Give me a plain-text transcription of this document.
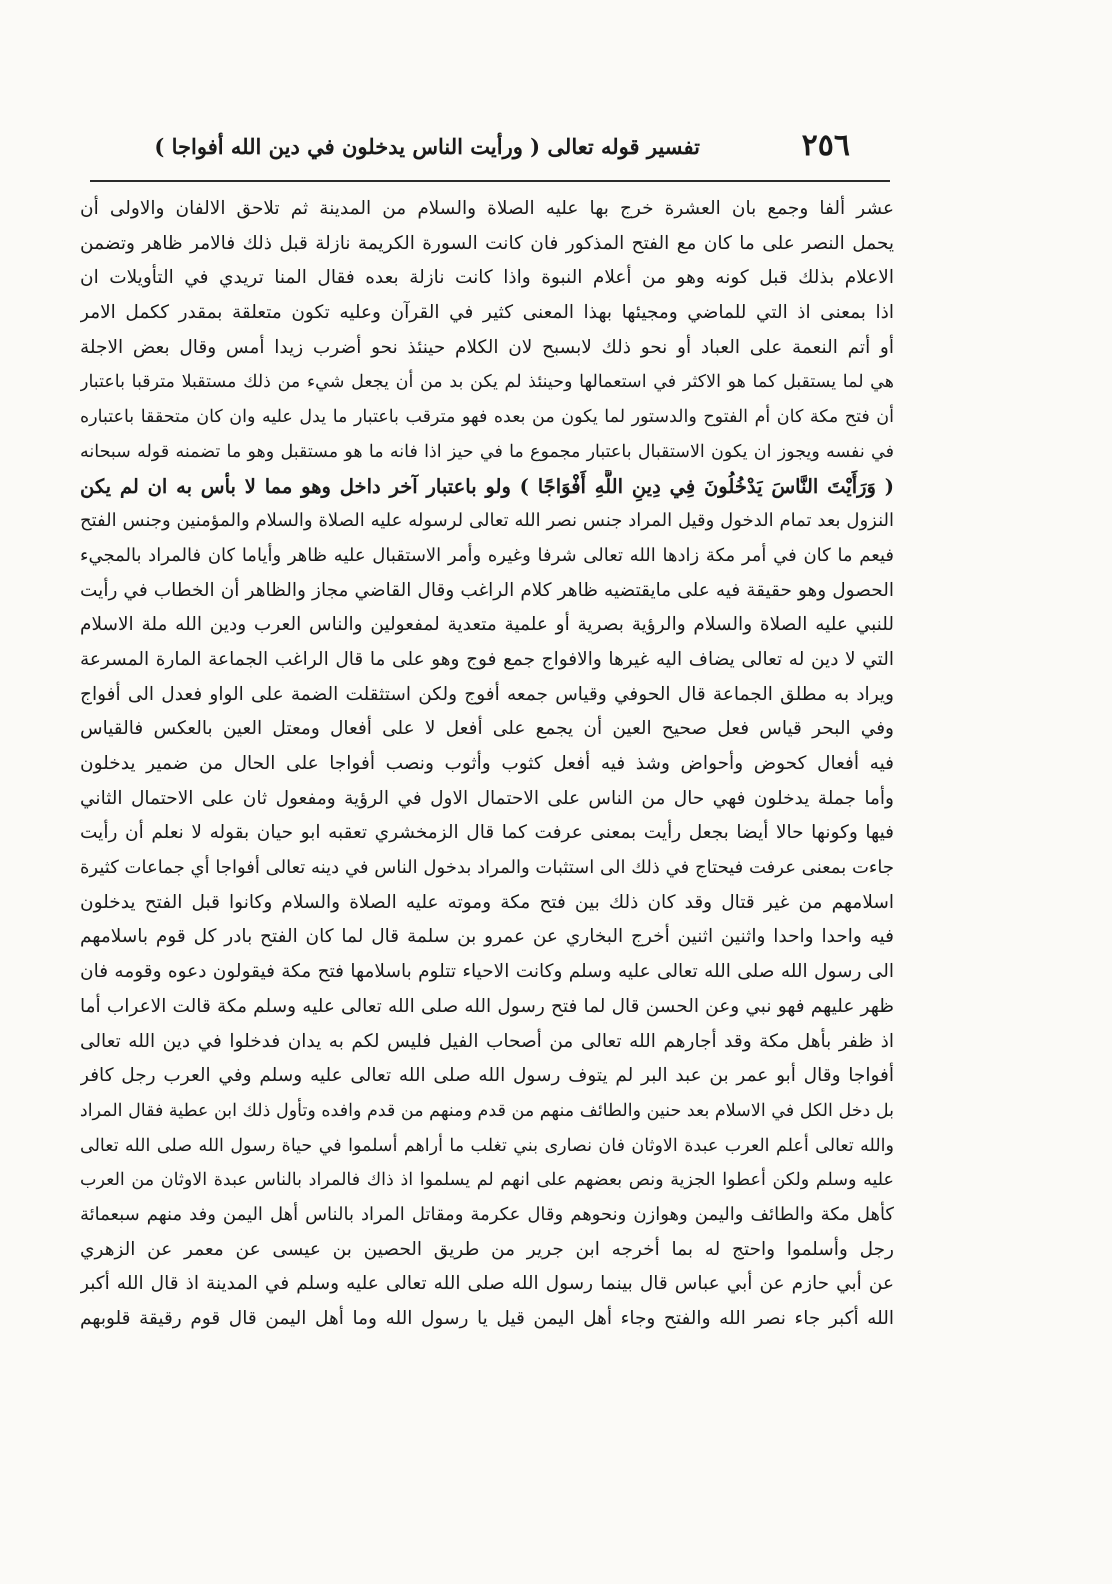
٢٥٦
تفسير قوله تعالى ( ورأيت الناس يدخلون في دين الله أفواجا )
عشر ألفا وجمع بان العشرة خرج بها عليه الصلاة والسلام من المدينة ثم تلاحق الالفان والاولى أن
يحمل النصر على ما كان مع الفتح المذكور فان كانت السورة الكريمة نازلة قبل ذلك فالامر ظاهر وتضمن
الاعلام بذلك قبل كونه وهو من أعلام النبوة واذا كانت نازلة بعده فقال المنا تريدي في التأويلات ان
اذا بمعنى اذ التي للماضي ومجيئها بهذا المعنى كثير في القرآن وعليه تكون متعلقة بمقدر ككمل الامر
أو أتم النعمة على العباد أو نحو ذلك لابسبح لان الكلام حينئذ نحو أضرب زيدا أمس وقال بعض الاجلة
هي لما يستقبل كما هو الاكثر في استعمالها وحينئذ لم يكن بد من أن يجعل شيء من ذلك مستقبلا مترقبا باعتبار
أن فتح مكة كان أم الفتوح والدستور لما يكون من بعده فهو مترقب باعتبار ما يدل عليه وان كان متحققا باعتباره
في نفسه ويجوز ان يكون الاستقبال باعتبار مجموع ما في حيز اذا فانه ما هو مستقبل وهو ما تضمنه قوله سبحانه
( وَرَأَيْتَ النَّاسَ يَدْخُلُونَ فِي دِينِ اللَّهِ أَفْوَاجًا ) ولو باعتبار آخر داخل وهو مما لا بأس به ان لم يكن
النزول بعد تمام الدخول وقيل المراد جنس نصر الله تعالى لرسوله عليه الصلاة والسلام والمؤمنين وجنس الفتح
فيعم ما كان في أمر مكة زادها الله تعالى شرفا وغيره وأمر الاستقبال عليه ظاهر وأياما كان فالمراد بالمجيء
الحصول وهو حقيقة فيه على مايقتضيه ظاهر كلام الراغب وقال القاضي مجاز والظاهر أن الخطاب في رأيت
للنبي عليه الصلاة والسلام والرؤية بصرية أو علمية متعدية لمفعولين والناس العرب ودين الله ملة الاسلام
التي لا دين له تعالى يضاف اليه غيرها والافواج جمع فوج وهو على ما قال الراغب الجماعة المارة المسرعة
ويراد به مطلق الجماعة قال الحوفي وقياس جمعه أفوج ولكن استثقلت الضمة على الواو فعدل الى أفواج
وفي البحر قياس فعل صحيح العين أن يجمع على أفعل لا على أفعال ومعتل العين بالعكس فالقياس
فيه أفعال كحوض وأحواض وشذ فيه أفعل كثوب وأثوب ونصب أفواجا على الحال من ضمير يدخلون
وأما جملة يدخلون فهي حال من الناس على الاحتمال الاول في الرؤية ومفعول ثان على الاحتمال الثاني
فيها وكونها حالا أيضا بجعل رأيت بمعنى عرفت كما قال الزمخشري تعقبه ابو حيان بقوله لا نعلم أن رأيت
جاءت بمعنى عرفت فيحتاج في ذلك الى استثبات والمراد بدخول الناس في دينه تعالى أفواجا أي جماعات كثيرة
اسلامهم من غير قتال وقد كان ذلك بين فتح مكة وموته عليه الصلاة والسلام وكانوا قبل الفتح يدخلون
فيه واحدا واحدا واثنين اثنين أخرج البخاري عن عمرو بن سلمة قال لما كان الفتح بادر كل قوم باسلامهم
الى رسول الله صلى الله تعالى عليه وسلم وكانت الاحياء تتلوم باسلامها فتح مكة فيقولون دعوه وقومه فان
ظهر عليهم فهو نبي وعن الحسن قال لما فتح رسول الله صلى الله تعالى عليه وسلم مكة قالت الاعراب أما
اذ ظفر بأهل مكة وقد أجارهم الله تعالى من أصحاب الفيل فليس لكم به يدان فدخلوا في دين الله تعالى
أفواجا وقال أبو عمر بن عبد البر لم يتوف رسول الله صلى الله تعالى عليه وسلم وفي العرب رجل كافر
بل دخل الكل في الاسلام بعد حنين والطائف منهم من قدم ومنهم من قدم وافده وتأول ذلك ابن عطية فقال المراد
والله تعالى أعلم العرب عبدة الاوثان فان نصارى بني تغلب ما أراهم أسلموا في حياة رسول الله صلى الله تعالى
عليه وسلم ولكن أعطوا الجزية ونص بعضهم على انهم لم يسلموا اذ ذاك فالمراد بالناس عبدة الاوثان من العرب
كأهل مكة والطائف واليمن وهوازن ونحوهم وقال عكرمة ومقاتل المراد بالناس أهل اليمن وفد منهم سبعمائة
رجل وأسلموا واحتج له بما أخرجه ابن جرير من طريق الحصين بن عيسى عن معمر عن الزهري
عن أبي حازم عن أبي عباس قال بينما رسول الله صلى الله تعالى عليه وسلم في المدينة اذ قال الله أكبر
الله أكبر جاء نصر الله والفتح وجاء أهل اليمن قيل يا رسول الله وما أهل اليمن قال قوم رقيقة قلوبهم
